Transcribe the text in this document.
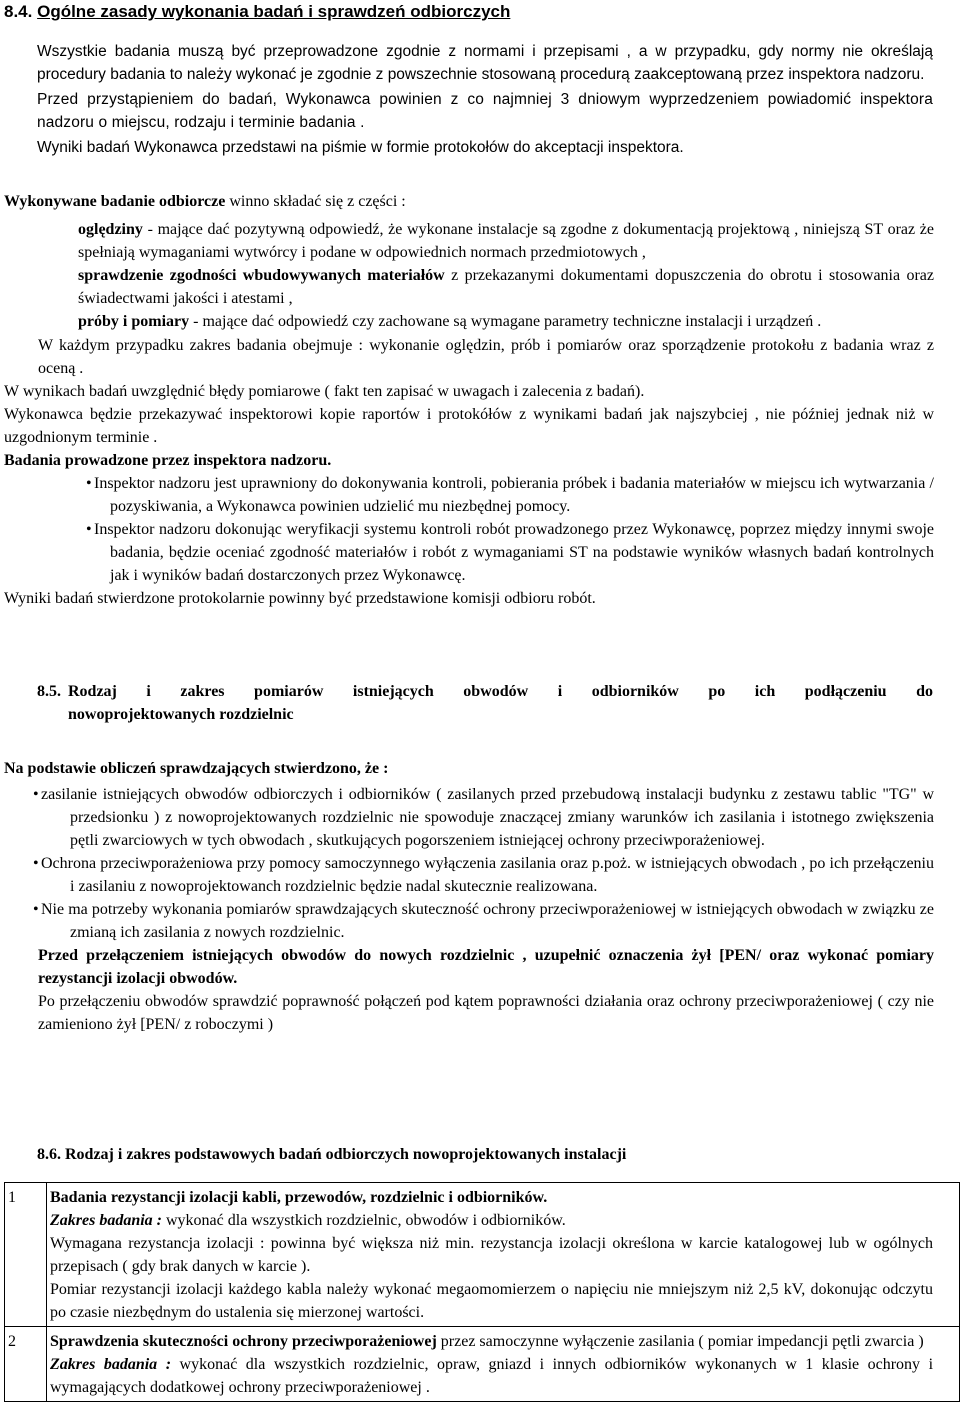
8.4. Ogólne zasady wykonania badań i sprawdzeń odbiorczych

Wszystkie badania muszą być przeprowadzone zgodnie z normami i przepisami , a w przypadku, gdy normy nie określają procedury badania to należy wykonać je zgodnie z powszechnie stosowaną procedurą zaakceptowaną przez inspektora nadzoru.

Przed przystąpieniem do badań, Wykonawca powinien z co najmniej 3 dniowym wyprzedzeniem powiadomić inspektora nadzoru o miejscu, rodzaju i terminie badania .

Wyniki badań Wykonawca przedstawi na piśmie w formie protokołów do akceptacji inspektora.

Wykonywane badanie odbiorcze winno składać się z części :

oględziny - mające dać pozytywną odpowiedź, że wykonane instalacje są zgodne z dokumentacją projektową , niniejszą ST oraz że spełniają wymaganiami wytwórcy i podane w odpowiednich normach przedmiotowych ,

sprawdzenie zgodności wbudowywanych materiałów z przekazanymi dokumentami dopuszczenia do obrotu i stosowania oraz świadectwami jakości i atestami ,

próby i pomiary - mające dać odpowiedź czy zachowane są wymagane parametry techniczne instalacji i urządzeń .

W każdym przypadku zakres badania obejmuje : wykonanie oględzin, prób i pomiarów oraz sporządzenie protokołu z badania wraz z oceną .

W wynikach badań uwzględnić błędy pomiarowe ( fakt ten zapisać w uwagach i zalecenia z badań).

Wykonawca będzie przekazywać inspektorowi kopie raportów i protokółów z wynikami badań jak najszybciej , nie później jednak niż w uzgodnionym terminie .

Badania prowadzone przez inspektora nadzoru.

• Inspektor nadzoru jest uprawniony do dokonywania kontroli, pobierania próbek i badania materiałów w miejscu ich wytwarzania / pozyskiwania, a Wykonawca powinien udzielić mu niezbędnej pomocy.

• Inspektor nadzoru dokonując weryfikacji systemu kontroli robót prowadzonego przez Wykonawcę, poprzez między innymi swoje badania, będzie oceniać zgodność materiałów i robót z wymaganiami ST na podstawie wyników własnych badań kontrolnych jak i wyników badań dostarczonych przez Wykonawcę.

Wyniki badań stwierdzone protokolarnie powinny być przedstawione komisji odbioru robót.

8.5. Rodzaj i zakres pomiarów istniejących obwodów i odbiorników po ich podłączeniu do

nowoprojektowanych rozdzielnic

Na podstawie obliczeń sprawdzających stwierdzono, że :

• zasilanie istniejących obwodów odbiorczych i odbiorników ( zasilanych przed przebudową instalacji budynku z zestawu tablic "TG" w przedsionku ) z nowoprojektowanych rozdzielnic nie spowoduje znaczącej zmiany warunków ich zasilania i istotnego zwiększenia pętli zwarciowych w tych obwodach , skutkujących pogorszeniem istniejącej ochrony przeciwporażeniowej.

• Ochrona przeciwporażeniowa przy pomocy samoczynnego wyłączenia zasilania oraz p.poż. w istniejących obwodach , po ich przełączeniu i zasilaniu z nowoprojektowanch rozdzielnic będzie nadal skutecznie realizowana.

• Nie ma potrzeby wykonania pomiarów sprawdzających skuteczność ochrony przeciwporażeniowej w istniejących obwodach w związku ze zmianą ich zasilania z nowych rozdzielnic.

Przed przełączeniem istniejących obwodów do nowych rozdzielnic , uzupełnić oznaczenia żył [PEN/ oraz wykonać pomiary rezystancji izolacji obwodów.

Po przełączeniu obwodów sprawdzić poprawność połączeń pod kątem poprawności działania oraz ochrony przeciwporażeniowej ( czy nie zamieniono żył [PEN/ z roboczymi )

8.6. Rodzaj i zakres podstawowych badań odbiorczych nowoprojektowanych instalacji
1	Badania rezystancji izolacji kabli, przewodów, rozdzielnic i odbiorników.
Zakres badania : wykonać dla wszystkich rozdzielnic, obwodów i odbiorników.
Wymagana rezystancja izolacji : powinna być większa niż min. rezystancja izolacji określona w karcie katalogowej lub w ogólnych przepisach ( gdy brak danych w karcie ).
Pomiar rezystancji izolacji każdego kabla należy wykonać megaomomierzem o napięciu nie mniejszym niż 2,5 kV, dokonując odczytu po czasie niezbędnym do ustalenia się mierzonej wartości.

2	Sprawdzenia skuteczności ochrony przeciwporażeniowej przez samoczynne wyłączenie zasilania ( pomiar impedancji pętli zwarcia )
Zakres badania : wykonać dla wszystkich rozdzielnic, opraw, gniazd i innych odbiorników wykonanych w 1 klasie ochrony i wymagających dodatkowej ochrony przeciwporażeniowej .
